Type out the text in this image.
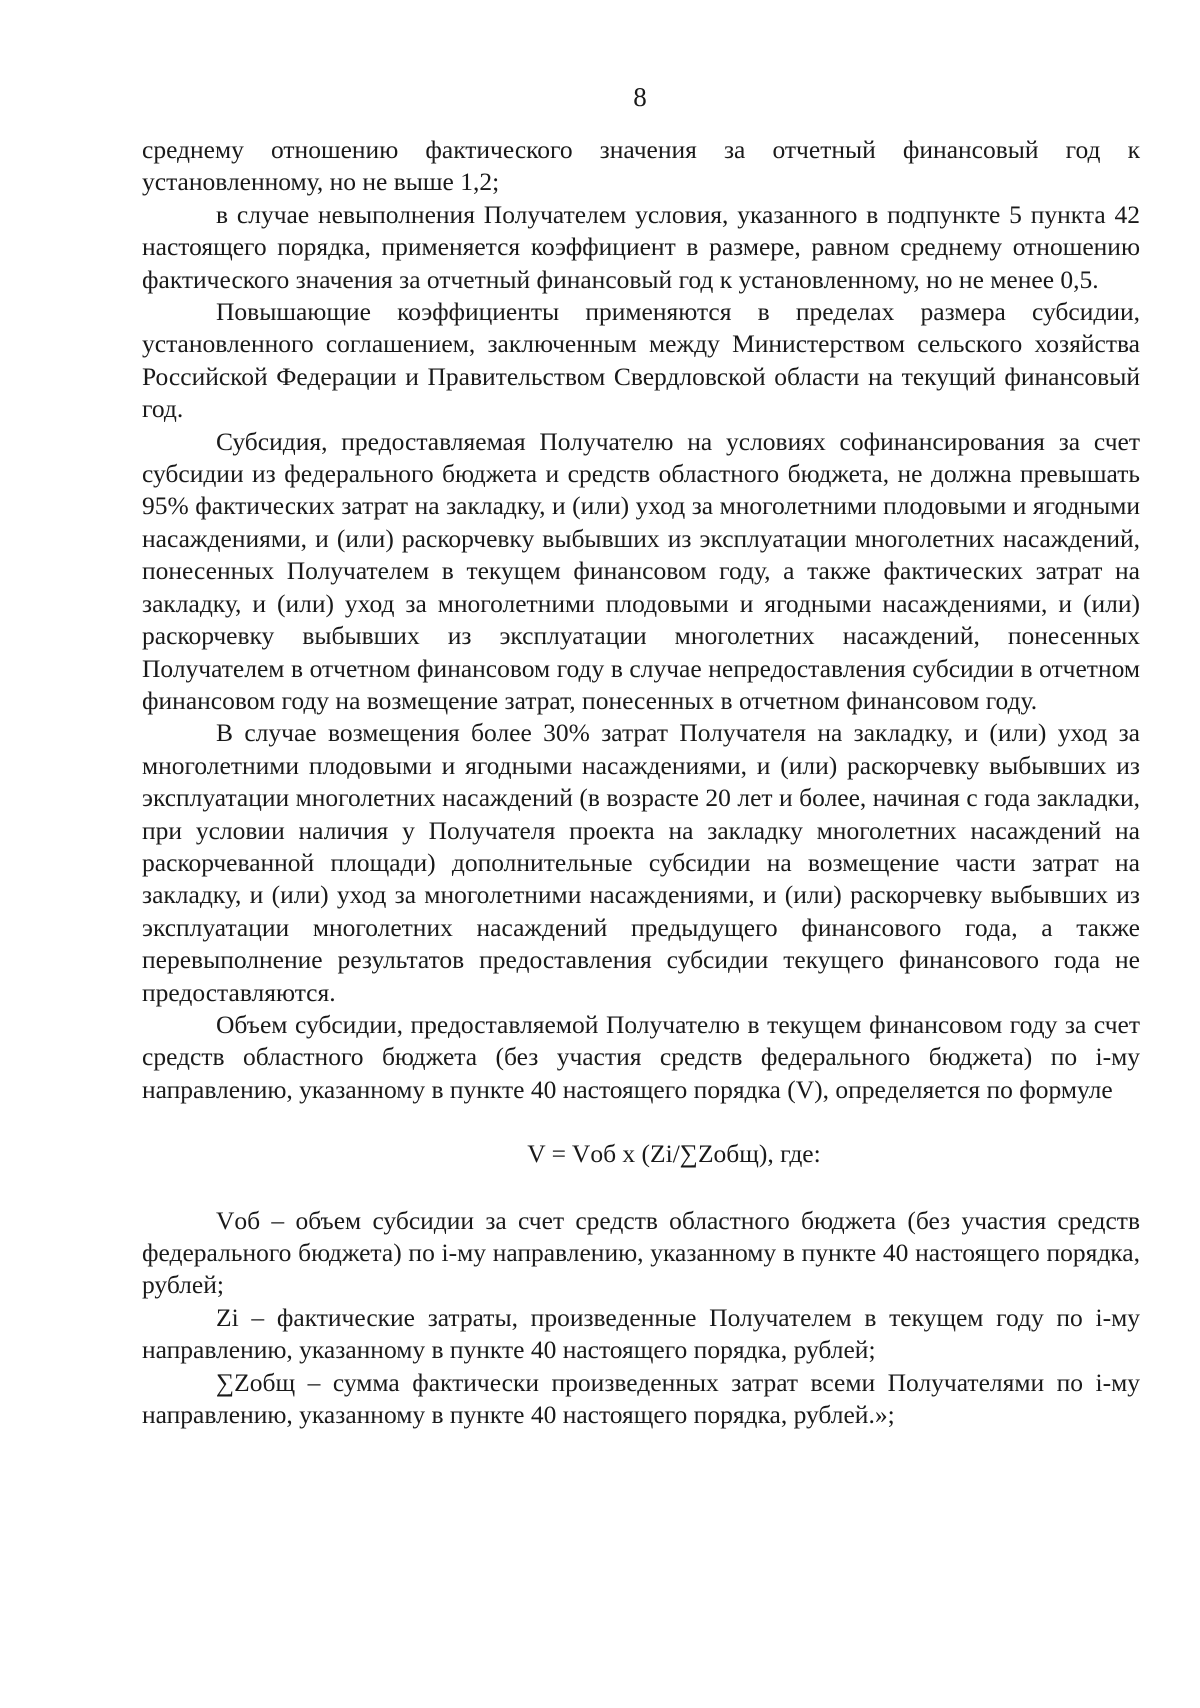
8

среднему отношению фактического значения за отчетный финансовый год к установленному, но не выше 1,2;

в случае невыполнения Получателем условия, указанного в подпункте 5 пункта 42 настоящего порядка, применяется коэффициент в размере, равном среднему отношению фактического значения за отчетный финансовый год к установленному, но не менее 0,5.

Повышающие коэффициенты применяются в пределах размера субсидии, установленного соглашением, заключенным между Министерством сельского хозяйства Российской Федерации и Правительством Свердловской области на текущий финансовый год.

Субсидия, предоставляемая Получателю на условиях софинансирования за счет субсидии из федерального бюджета и средств областного бюджета, не должна превышать 95% фактических затрат на закладку, и (или) уход за многолетними плодовыми и ягодными насаждениями, и (или) раскорчевку выбывших из эксплуатации многолетних насаждений, понесенных Получателем в текущем финансовом году, а также фактических затрат на закладку, и (или) уход за многолетними плодовыми и ягодными насаждениями, и (или) раскорчевку выбывших из эксплуатации многолетних насаждений, понесенных Получателем в отчетном финансовом году в случае непредоставления субсидии в отчетном финансовом году на возмещение затрат, понесенных в отчетном финансовом году.

В случае возмещения более 30% затрат Получателя на закладку, и (или) уход за многолетними плодовыми и ягодными насаждениями, и (или) раскорчевку выбывших из эксплуатации многолетних насаждений (в возрасте 20 лет и более, начиная с года закладки, при условии наличия у Получателя проекта на закладку многолетних насаждений на раскорчеванной площади) дополнительные субсидии на возмещение части затрат на закладку, и (или) уход за многолетними насаждениями, и (или) раскорчевку выбывших из эксплуатации многолетних насаждений предыдущего финансового года, а также перевыполнение результатов предоставления субсидии текущего финансового года не предоставляются.

Объем субсидии, предоставляемой Получателю в текущем финансовом году за счет средств областного бюджета (без участия средств федерального бюджета) по i-му направлению, указанному в пункте 40 настоящего порядка (V), определяется по формуле

V = Vоб x (Zi/∑Zобщ), где:

Vоб – объем субсидии за счет средств областного бюджета (без участия средств федерального бюджета) по i-му направлению, указанному в пункте 40 настоящего порядка, рублей;

Zi – фактические затраты, произведенные Получателем в текущем году по i-му направлению, указанному в пункте 40 настоящего порядка, рублей;

∑Zобщ – сумма фактически произведенных затрат всеми Получателями по i-му направлению, указанному в пункте 40 настоящего порядка, рублей.»;
